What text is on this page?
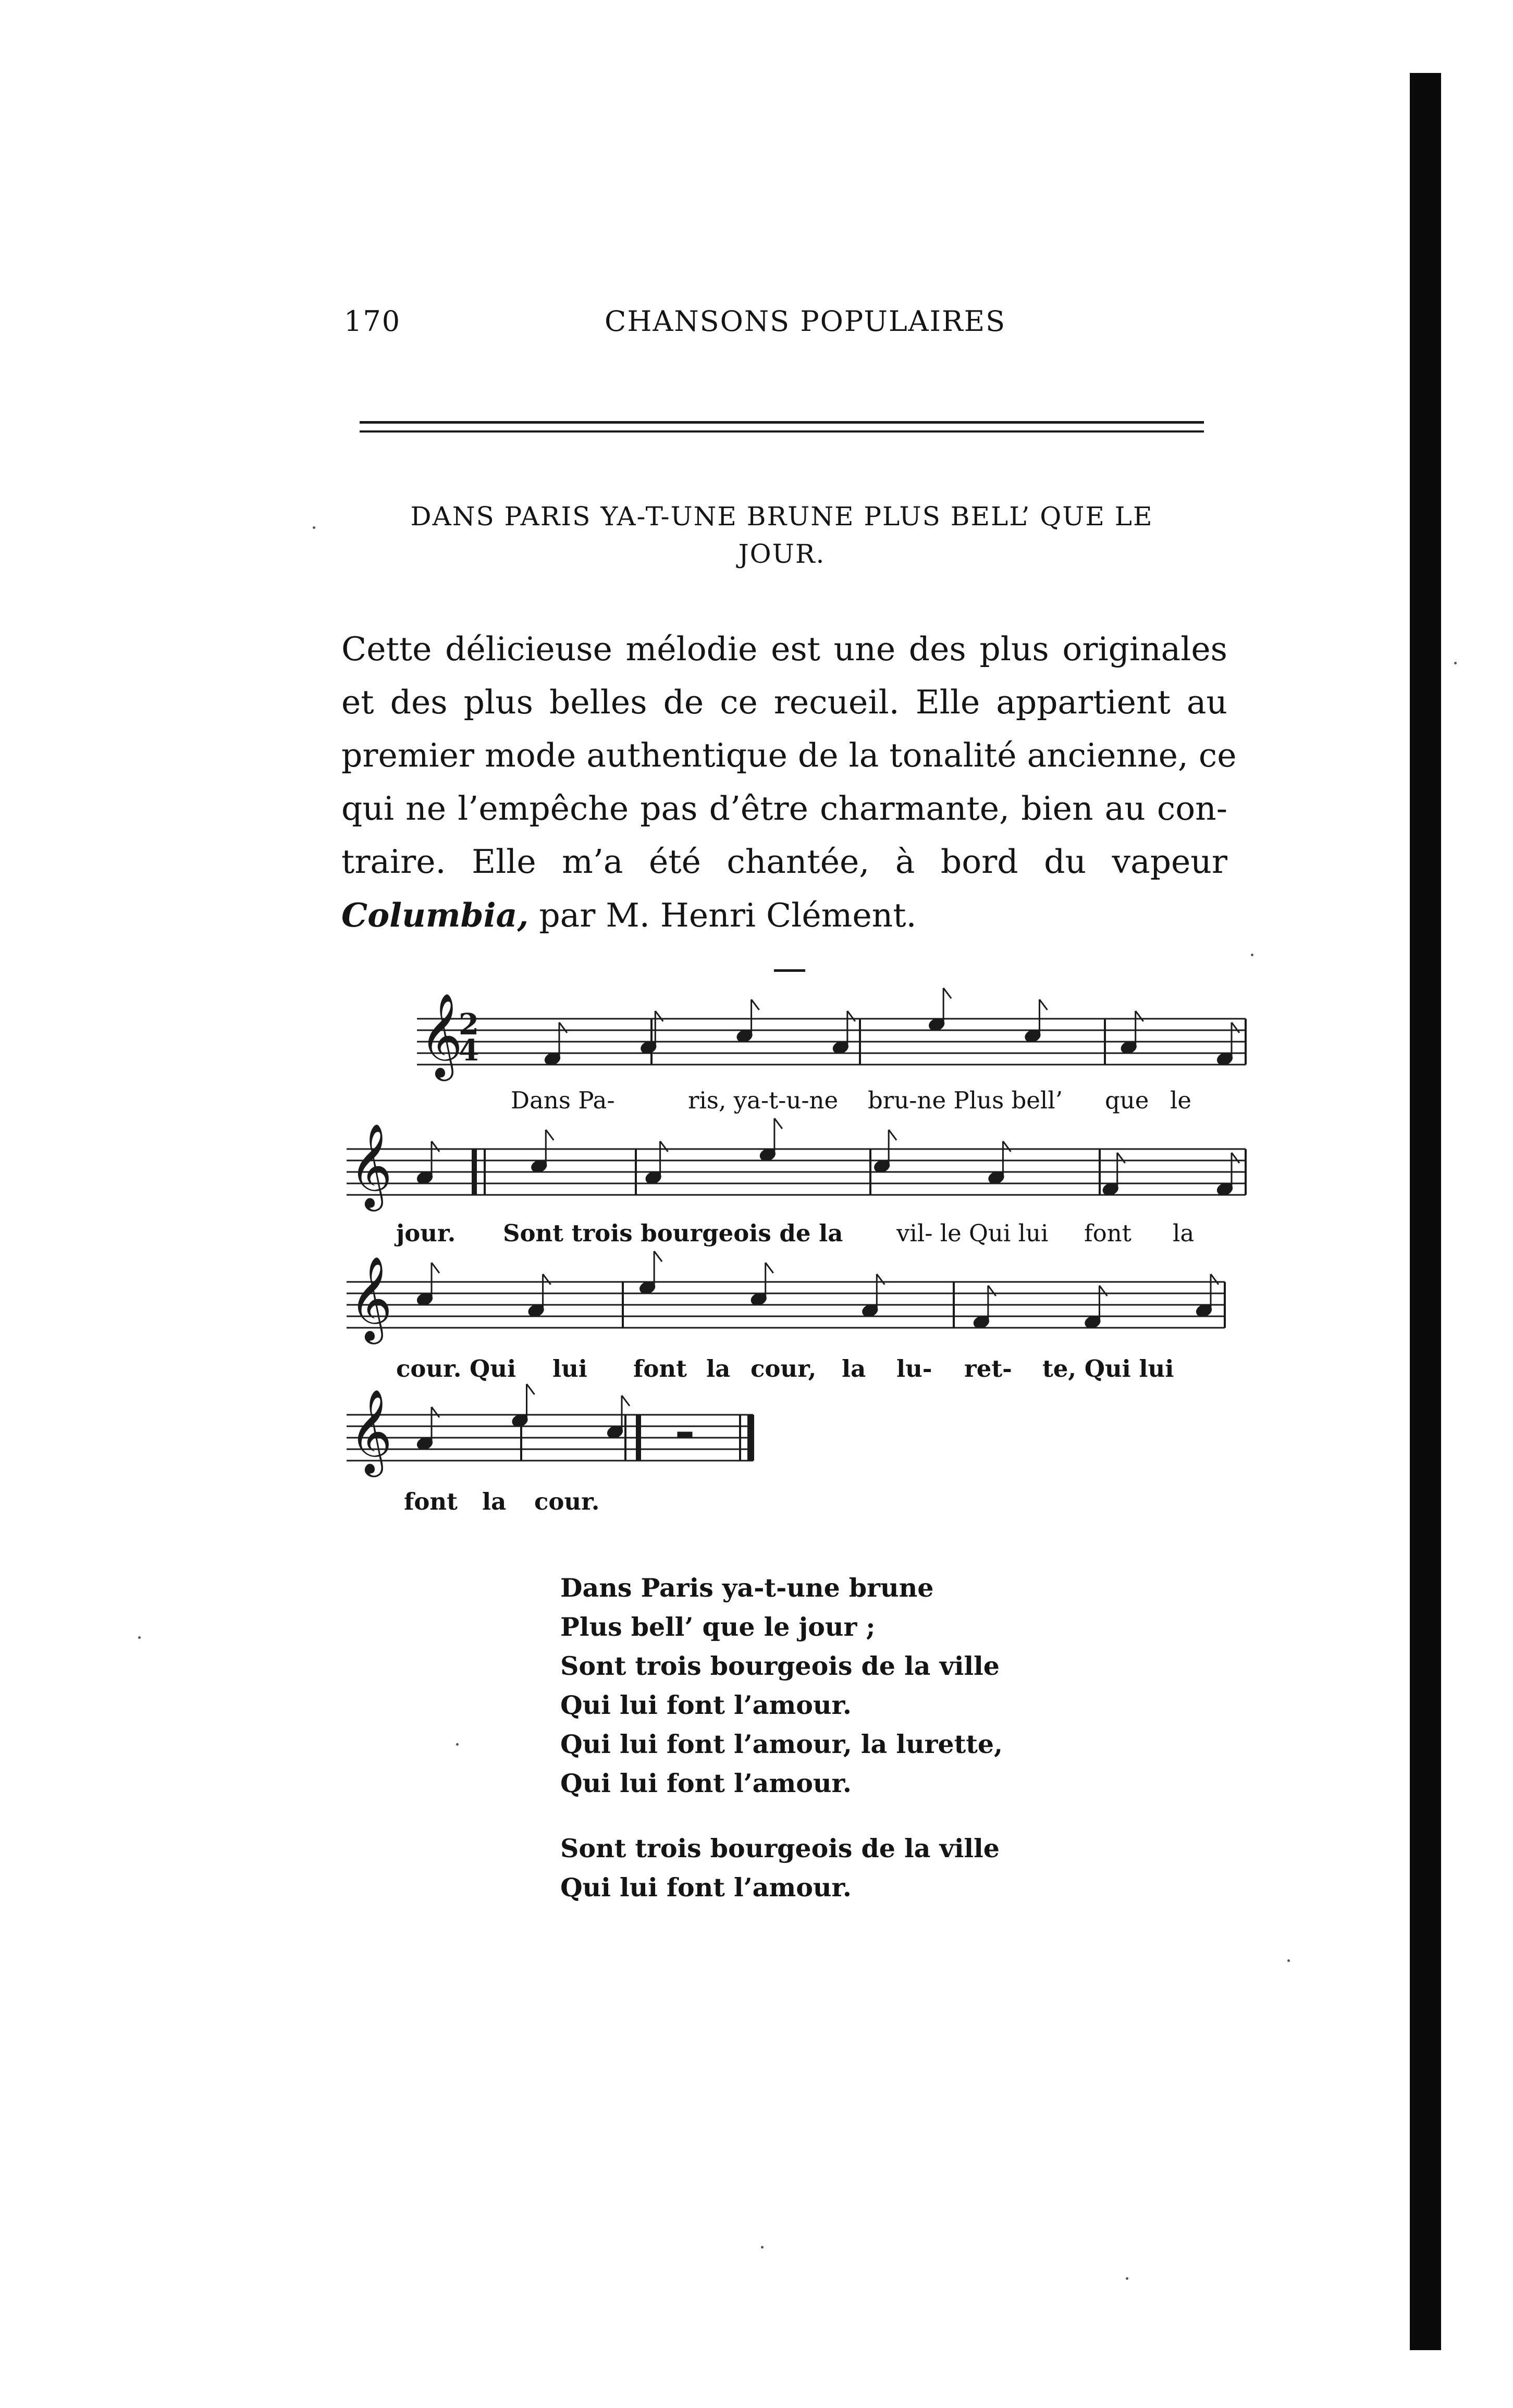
170	CHANSONS POPULAIRES
DANS PARIS YA-T-UNE BRUNE PLUS BELL’ QUE LE JOUR.
Cette délicieuse mélodie est une des plus originales
et des plus belles de ce recueil. Elle appartient au
premier mode authentique de la tonalité ancienne, ce
qui ne l’empêche pas d’être charmante, bien au con-
traire. Elle m’a été chantée, à bord du vapeur
Columbia, par M. Henri Clément.
𝄞
𝄞
𝄞
𝄞
2
4
Dans Pa-	ris, ya-t-u-ne bru-ne Plus bell’ que le
jour. Sont trois bourgeois de la vil- le Qui lui font la
cour. Qui lui font la cour, la lu- ret- te, Qui lui
font la cour.
Dans Paris ya-t-une brune
Plus bell’ que le jour ;
Sont trois bourgeois de la ville
Qui lui font l’amour.
Qui lui font l’amour, la lurette,
Qui lui font l’amour.
Sont trois bourgeois de la ville
Qui lui font l’amour.
